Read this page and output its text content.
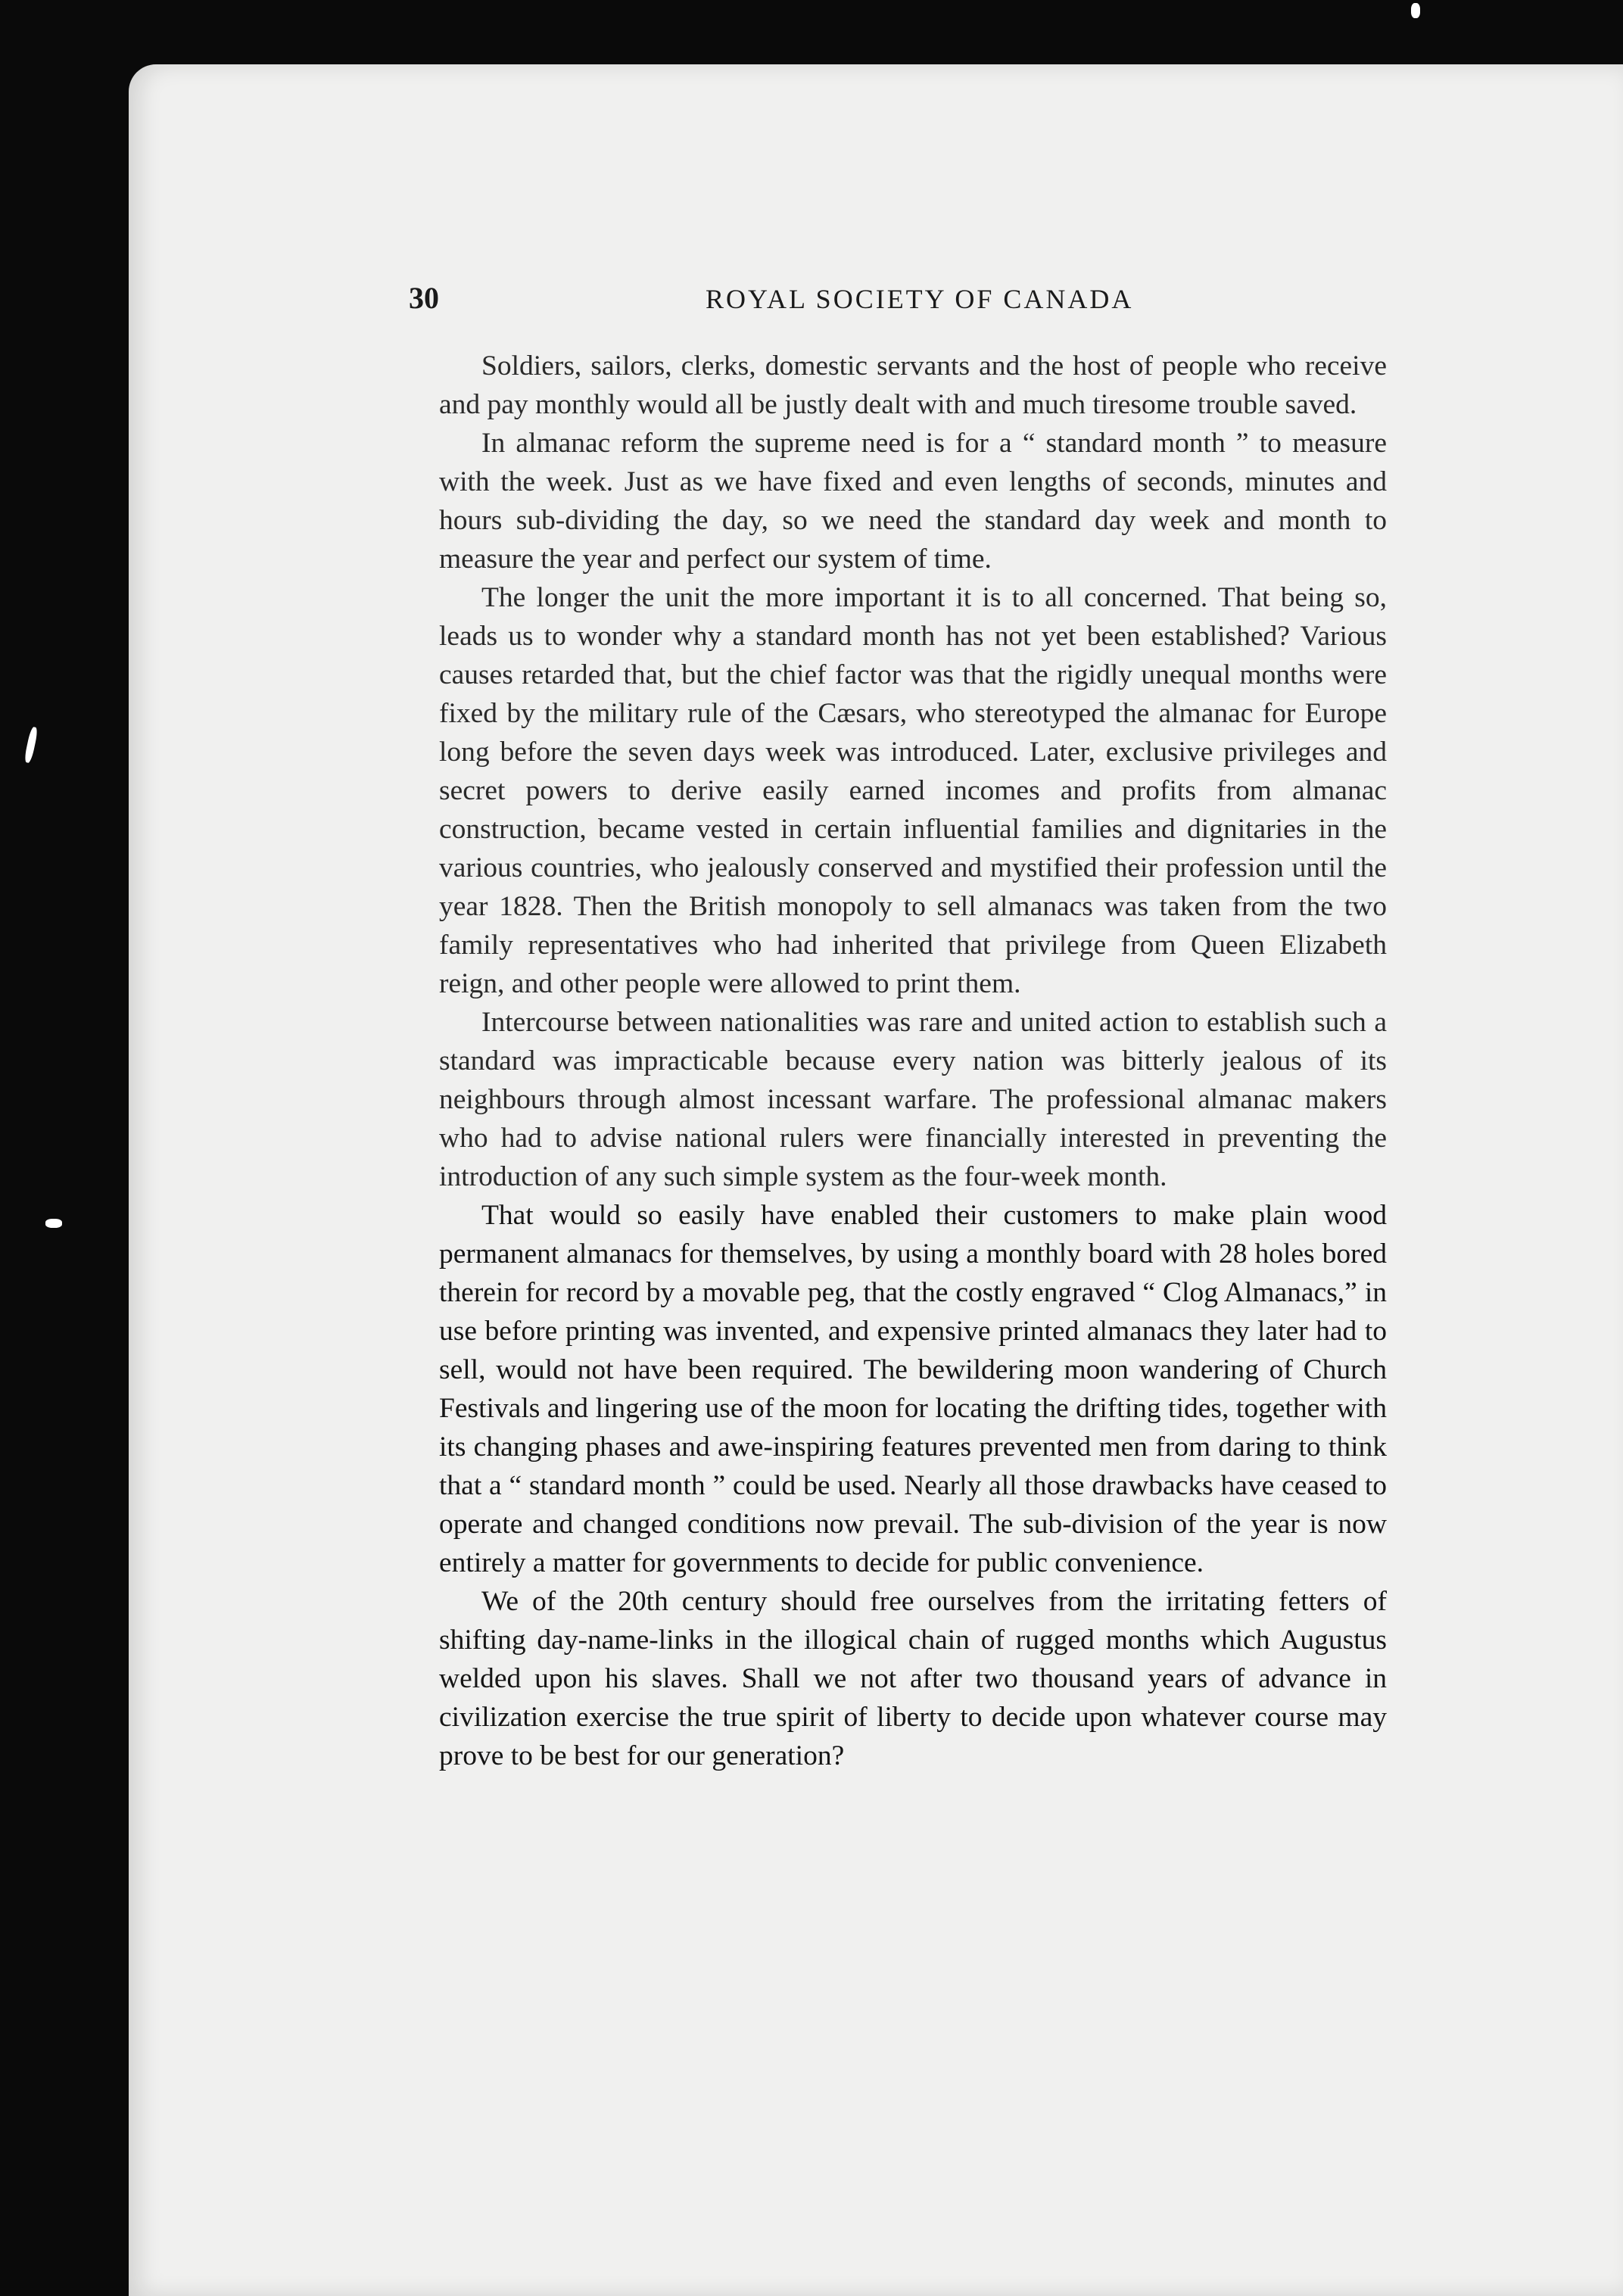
30	ROYAL SOCIETY OF CANADA

Soldiers, sailors, clerks, domestic servants and the host of people who receive and pay monthly would all be justly dealt with and much tiresome trouble saved.

In almanac reform the supreme need is for a “ standard month ” to measure with the week. Just as we have fixed and even lengths of seconds, minutes and hours sub-dividing the day, so we need the standard day week and month to measure the year and perfect our system of time.

The longer the unit the more important it is to all concerned. That being so, leads us to wonder why a standard month has not yet been established? Various causes retarded that, but the chief factor was that the rigidly unequal months were fixed by the military rule of the Cæsars, who stereotyped the almanac for Europe long before the seven days week was introduced. Later, exclusive privileges and secret powers to derive easily earned incomes and profits from almanac construction, became vested in certain influential families and dignitaries in the various countries, who jealously conserved and mystified their profession until the year 1828. Then the British monopoly to sell almanacs was taken from the two family representatives who had inherited that privilege from Queen Elizabeth reign, and other people were allowed to print them.

Intercourse between nationalities was rare and united action to establish such a standard was impracticable because every nation was bitterly jealous of its neighbours through almost incessant warfare. The professional almanac makers who had to advise national rulers were financially interested in preventing the introduction of any such simple system as the four-week month.

That would so easily have enabled their customers to make plain wood permanent almanacs for themselves, by using a monthly board with 28 holes bored therein for record by a movable peg, that the costly engraved “ Clog Almanacs,” in use before printing was invented, and expensive printed almanacs they later had to sell, would not have been required. The bewildering moon wandering of Church Festivals and lingering use of the moon for locating the drifting tides, together with its changing phases and awe-inspiring features prevented men from daring to think that a “ standard month ” could be used. Nearly all those drawbacks have ceased to operate and changed conditions now prevail. The sub-division of the year is now entirely a matter for governments to decide for public convenience.

We of the 20th century should free ourselves from the irritating fetters of shifting day-name-links in the illogical chain of rugged months which Augustus welded upon his slaves. Shall we not after two thousand years of advance in civilization exercise the true spirit of liberty to decide upon whatever course may prove to be best for our generation?
